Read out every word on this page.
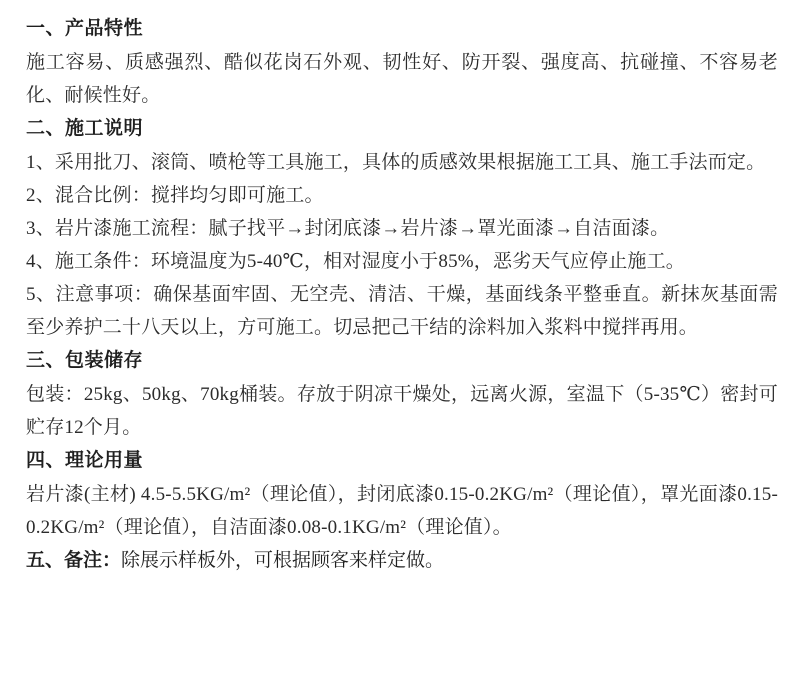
一、产品特性

施工容易、质感强烈、酷似花岗石外观、韧性好、防开裂、强度高、抗碰撞、不容易老化、耐候性好。

二、施工说明

1、采用批刀、滚筒、喷枪等工具施工，具体的质感效果根据施工工具、施工手法而定。

2、混合比例：搅拌均匀即可施工。

3、岩片漆施工流程：腻子找平→封闭底漆→岩片漆→罩光面漆→自洁面漆。

4、施工条件：环境温度为5-40℃，相对湿度小于85%，恶劣天气应停止施工。

5、注意事项：确保基面牢固、无空壳、清洁、干燥，基面线条平整垂直。新抹灰基面需至少养护二十八天以上，方可施工。切忌把己干结的涂料加入浆料中搅拌再用。

三、包装储存

包装：25kg、50kg、70kg桶装。存放于阴凉干燥处，远离火源，室温下（5-35℃）密封可贮存12个月。

四、理论用量

岩片漆(主材) 4.5-5.5KG/m²（理论值），封闭底漆0.15-0.2KG/m²（理论值），罩光面漆0.15-0.2KG/m²（理论值），自洁面漆0.08-0.1KG/m²（理论值）。

五、备注：除展示样板外，可根据顾客来样定做。
